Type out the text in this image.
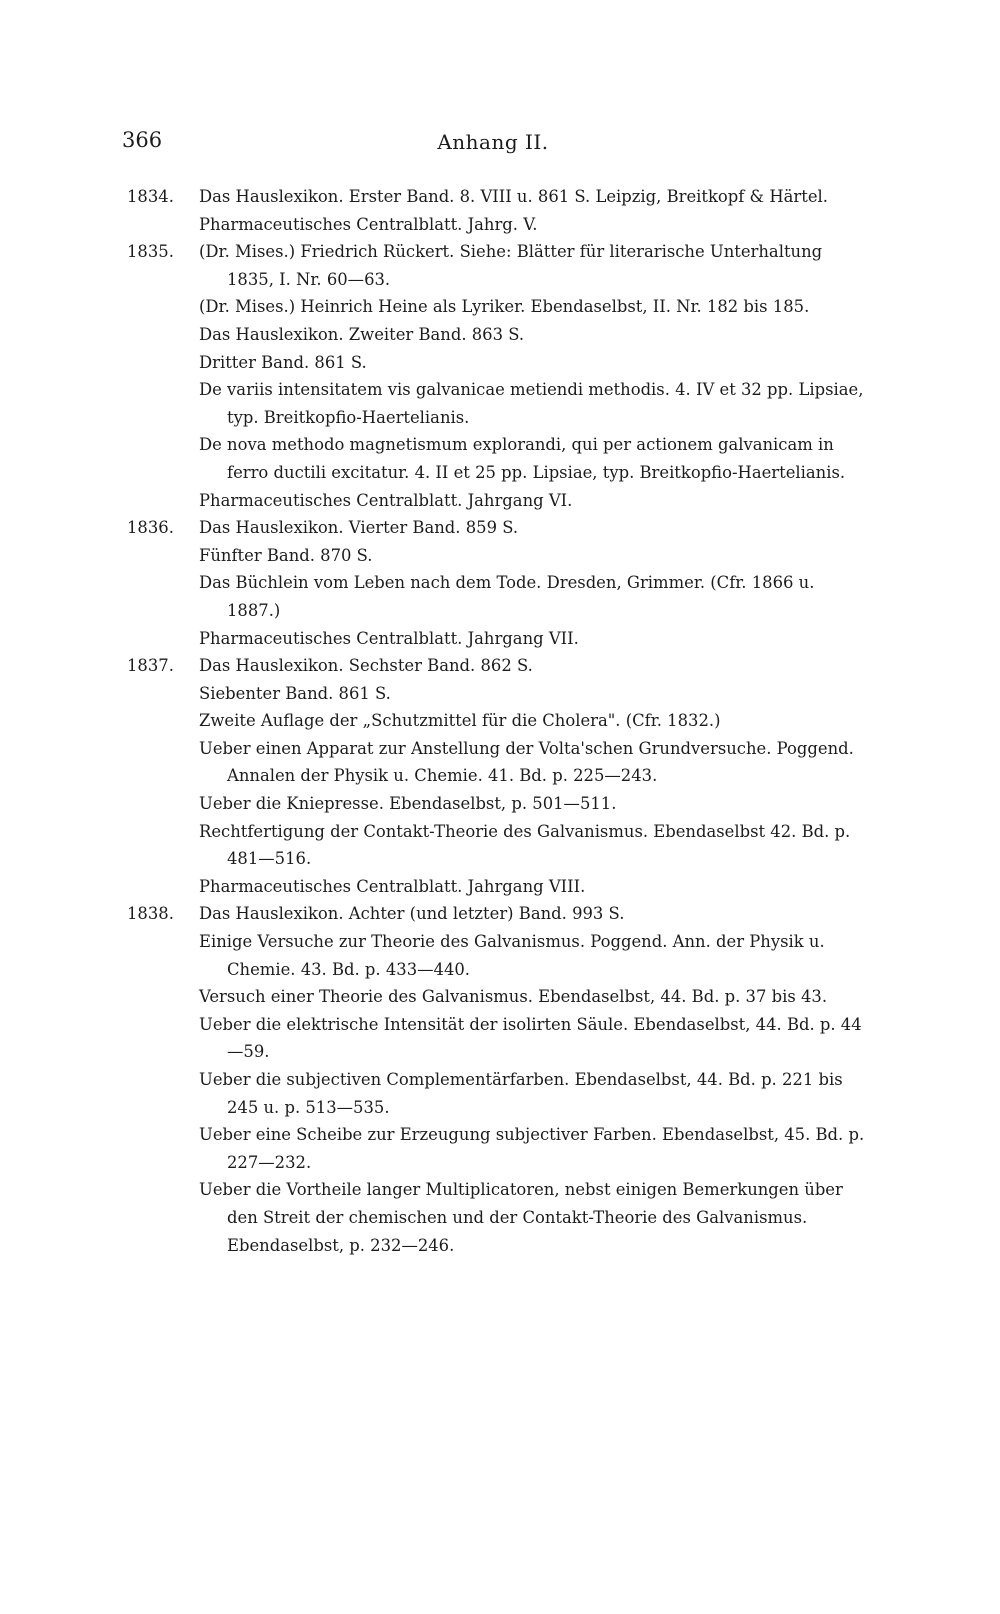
366	Anhang II.
1834.	Das Hauslexikon. Erster Band. 8. VIII u. 861 S. Leipzig, Breitkopf & Härtel.
Pharmaceutisches Centralblatt. Jahrg. V.
1835.	(Dr. Mises.) Friedrich Rückert. Siehe: Blätter für literarische Unterhaltung 1835, I. Nr. 60—63.
(Dr. Mises.) Heinrich Heine als Lyriker. Ebendaselbst, II. Nr. 182 bis 185.
Das Hauslexikon. Zweiter Band. 863 S.
Dritter Band. 861 S.
De variis intensitatem vis galvanicae metiendi methodis. 4. IV et 32 pp. Lipsiae, typ. Breitkopfio-Haertelianis.
De nova methodo magnetismum explorandi, qui per actionem galvanicam in ferro ductili excitatur. 4. II et 25 pp. Lipsiae, typ. Breitkopfio-Haertelianis.
Pharmaceutisches Centralblatt. Jahrgang VI.
1836.	Das Hauslexikon. Vierter Band. 859 S.
Fünfter Band. 870 S.
Das Büchlein vom Leben nach dem Tode. Dresden, Grimmer. (Cfr. 1866 u. 1887.)
Pharmaceutisches Centralblatt. Jahrgang VII.
1837.	Das Hauslexikon. Sechster Band. 862 S.
Siebenter Band. 861 S.
Zweite Auflage der „Schutzmittel für die Cholera". (Cfr. 1832.)
Ueber einen Apparat zur Anstellung der Volta'schen Grundversuche. Poggend. Annalen der Physik u. Chemie. 41. Bd. p. 225—243.
Ueber die Kniepresse. Ebendaselbst, p. 501—511.
Rechtfertigung der Contakt-Theorie des Galvanismus. Ebendaselbst 42. Bd. p. 481—516.
Pharmaceutisches Centralblatt. Jahrgang VIII.
1838.	Das Hauslexikon. Achter (und letzter) Band. 993 S.
Einige Versuche zur Theorie des Galvanismus. Poggend. Ann. der Physik u. Chemie. 43. Bd. p. 433—440.
Versuch einer Theorie des Galvanismus. Ebendaselbst, 44. Bd. p. 37 bis 43.
Ueber die elektrische Intensität der isolirten Säule. Ebendaselbst, 44. Bd. p. 44—59.
Ueber die subjectiven Complementärfarben. Ebendaselbst, 44. Bd. p. 221 bis 245 u. p. 513—535.
Ueber eine Scheibe zur Erzeugung subjectiver Farben. Ebendaselbst, 45. Bd. p. 227—232.
Ueber die Vortheile langer Multiplicatoren, nebst einigen Bemerkungen über den Streit der chemischen und der Contakt-Theorie des Galvanismus. Ebendaselbst, p. 232—246.
